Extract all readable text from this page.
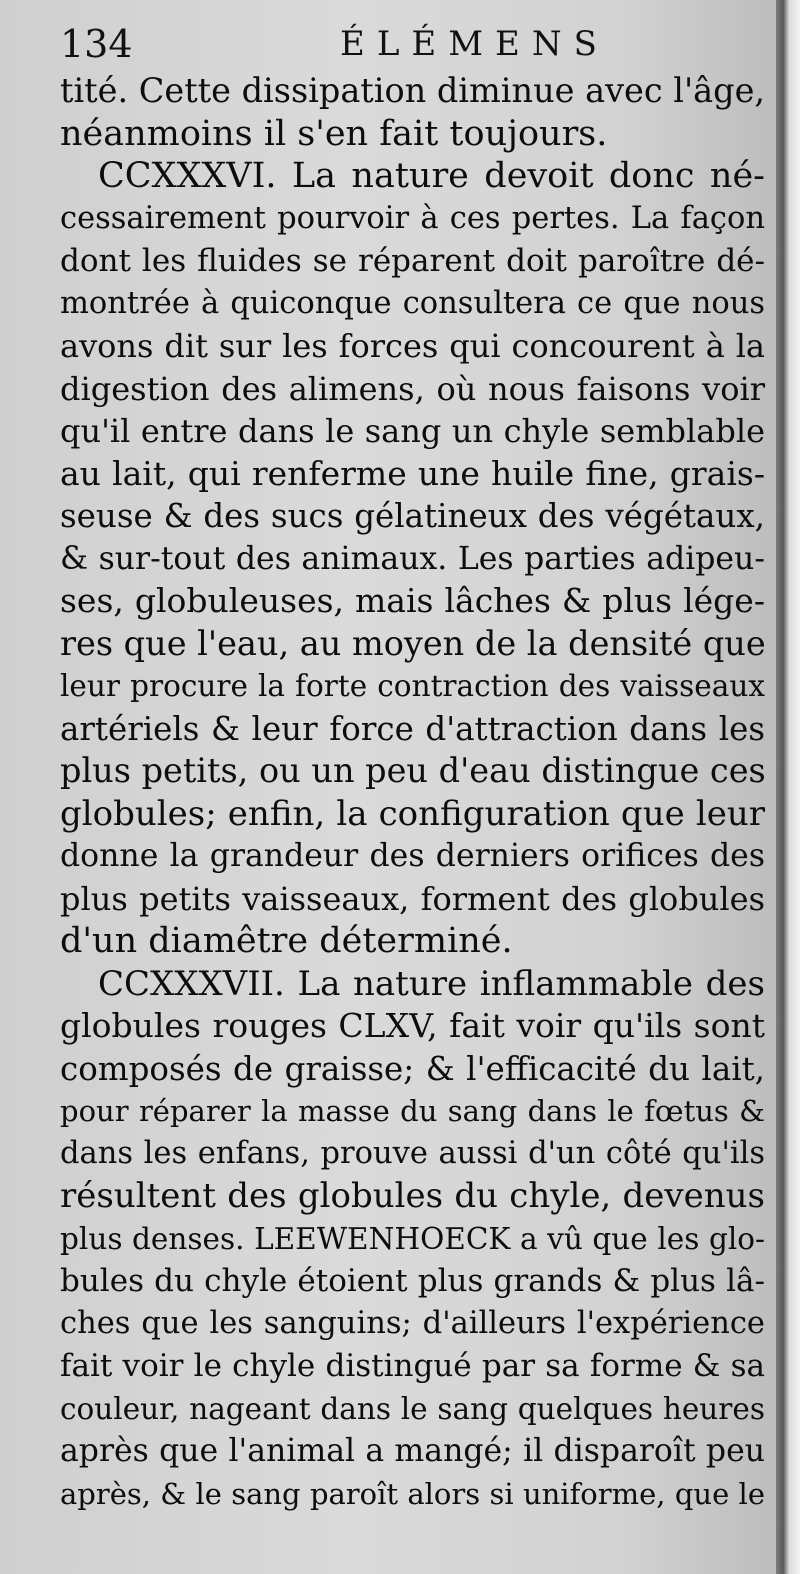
134	ÉLÉMENS
tité. Cette dissipation diminue avec l'âge,
néanmoins il s'en fait toujours.
CCXXXVI. La nature devoit donc né-
cessairement pourvoir à ces pertes. La façon
dont les fluides se réparent doit paroître dé-
montrée à quiconque consultera ce que nous
avons dit sur les forces qui concourent à la
digestion des alimens, où nous faisons voir
qu'il entre dans le sang un chyle semblable
au lait, qui renferme une huile fine, grais-
seuse & des sucs gélatineux des végétaux,
& sur-tout des animaux. Les parties adipeu-
ses, globuleuses, mais lâches & plus lége-
res que l'eau, au moyen de la densité que
leur procure la forte contraction des vaisseaux
artériels & leur force d'attraction dans les
plus petits, ou un peu d'eau distingue ces
globules; enfin, la configuration que leur
donne la grandeur des derniers orifices des
plus petits vaisseaux, forment des globules
d'un diamêtre déterminé.
CCXXXVII. La nature inflammable des
globules rouges CLXV, fait voir qu'ils sont
composés de graisse; & l'efficacité du lait,
pour réparer la masse du sang dans le fœtus &
dans les enfans, prouve aussi d'un côté qu'ils
résultent des globules du chyle, devenus
plus denses. LEEWENHOECK a vû que les glo-
bules du chyle étoient plus grands & plus lâ-
ches que les sanguins; d'ailleurs l'expérience
fait voir le chyle distingué par sa forme & sa
couleur, nageant dans le sang quelques heures
après que l'animal a mangé; il disparoît peu
après, & le sang paroît alors si uniforme, que le
